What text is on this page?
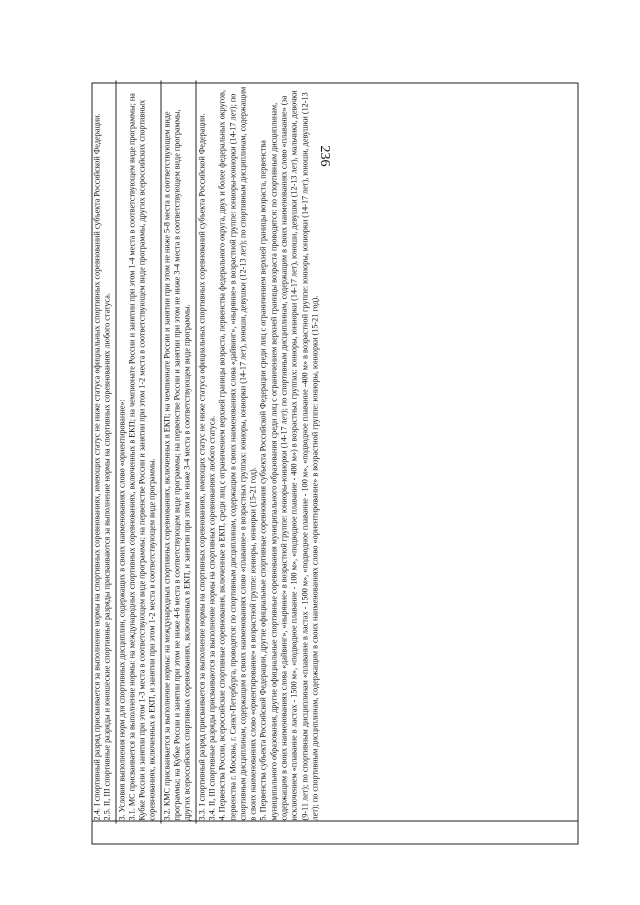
236

2.4. I спортивный разряд присваивается за выполнение нормы на спортивных соревнованиях, имеющих статус не ниже статуса официальных спортивных соревнований субъекта Российской Федерации. 2.5. II, III спортивные разряды и юношеские спортивные разряды присваиваются за выполнение нормы на спортивных соревнованиях любого статуса. 3. Условия выполнения норм для спортивных дисциплин, содержащих в своих наименованиях слово «ориентирование»: 3.1. МС присваивается за выполнение нормы: на международных спортивных соревнованиях, включенных в ЕКП; на чемпионате России и занятии при этом 1-4 места в соответствующем виде программы; на Кубке России и занятии при этом 1-3 места в соответствующем виде программы; на первенстве России и занятии при этом 1-2 места в соответствующем виде программы, других всероссийских спортивных соревнованиях, включенных в ЕКП, и занятии при этом 1-2 места в соответствующем виде программы. 3.2. КМС присваивается за выполнение нормы: на международных спортивных соревнованиях, включенных в ЕКП; на чемпионате России и занятии при этом не ниже 5-8 места в соответствующем виде программы; на Кубке России и занятии при этом не ниже 4-6 места в соответствующем виде программы; на первенстве России и занятии при этом не ниже 3-4 места в соответствующем виде программы, других всероссийских спортивных соревнованиях, включенных в ЕКП, и занятии при этом не ниже 3-4 места в соответствующем виде программы. 3.3. I спортивный разряд присваивается за выполнение нормы на спортивных соревнованиях, имеющих статус не ниже статуса официальных спортивных соревнований субъекта Российской Федерации. 3.4. II, III спортивные разряды присваиваются за выполнение нормы на спортивных соревнованиях любого статуса. 4. Первенства России, всероссийские спортивные соревнования, включенные в ЕКП, среди лиц с ограничением верхней границы возраста, первенства федерального округа, двух и более федеральных округов, первенства г. Москвы, г. Санкт-Петербурга, проводятся: по спортивным дисциплинам, содержащим в своих наименованиях слова «дайвинг», «ныряние» в возрастной группе: юниоры-юниорки (14-17 лет); по спортивным дисциплинам, содержащим в своих наименованиях слово «плавание» в возрастных группах: юниоры, юниорки (14-17 лет), юноши, девушки (12-13 лет); по спортивным дисциплинам, содержащим в своих наименованиях слово «ориентирование» в возрастной группе: юниоры, юниорки (15-21 год). 5. Первенства субъекта Российской Федерации, другие официальные спортивные соревнования субъекта Российской Федерации среди лиц с ограничением верхней границы возраста, первенства муниципального образования, другие официальные спортивные соревнования муниципального образования среди лиц с ограничением верхней границы возраста проводятся: по спортивным дисциплинам, содержащим в своих наименованиях слова «дайвинг», «ныряние» в возрастной группе: юниоры-юниорки (14-17 лет); по спортивным дисциплинам, содержащим в своих наименованиях слово «плавание» (за исключением «плавание в ластах - 1500 м», «подводное плавание - 100 м», «подводное плавание - 400 м») в возрастных группах: юниоры, юниорки (14-17 лет), юноши, девушки (12-13 лет), мальчики, девочки (9-11 лет); по спортивным дисциплинам «плавание в ластах - 1500 м», «подводное плавание - 100 м», «подводное плавание -400 м» в возрастной группе: юниоры, юниорки (14-17 лет), юноши, девушки (12-13 лет); по спортивным дисциплинам, содержащим в своих наименованиях слово «ориентирование» в возрастной группе: юниоры, юниорки (15-21 год).
